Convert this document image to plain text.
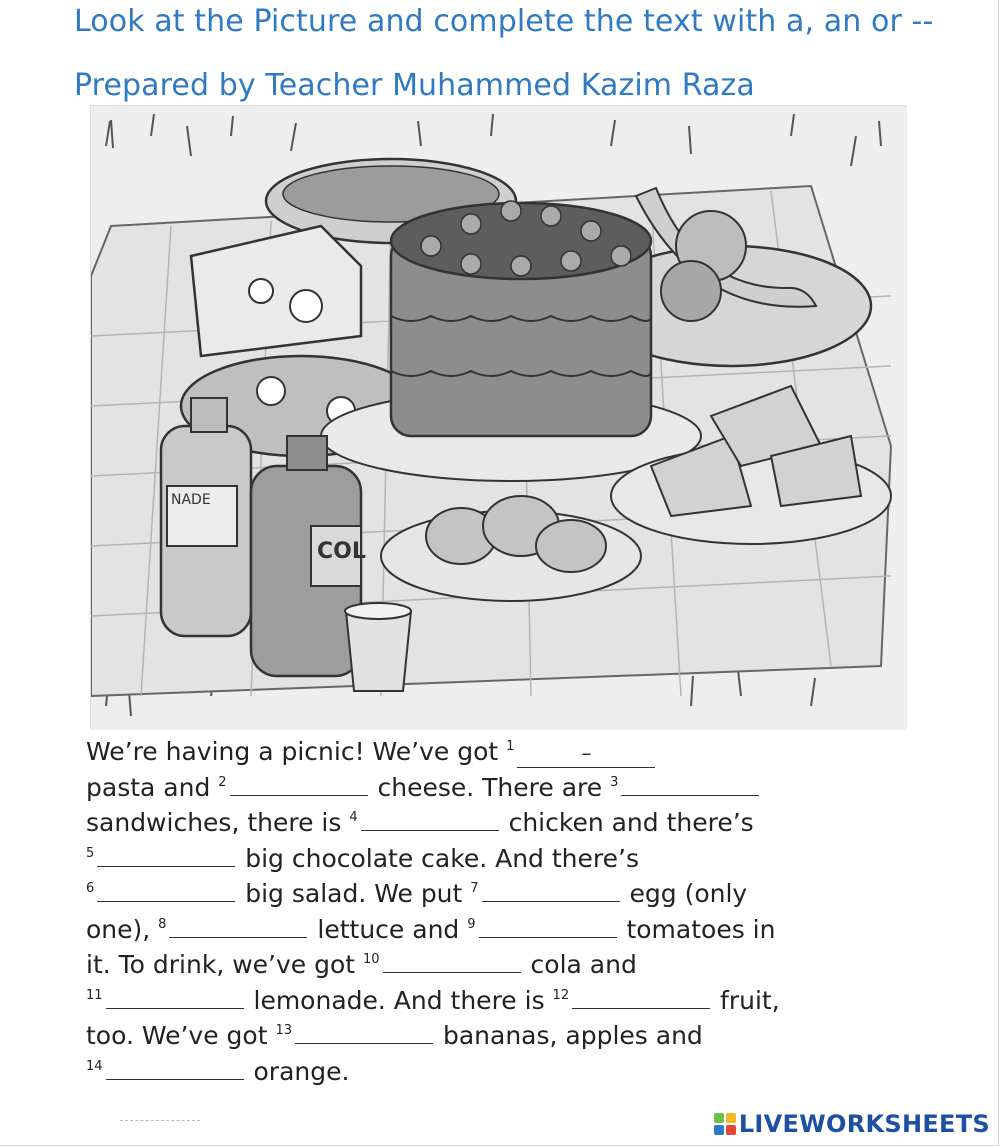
Look at the Picture and complete the text with a, an or --
Prepared by Teacher Muhammed Kazim Raza
NADE
COL
We’re having a picnic! We’ve got $^1$	–
pasta and $^2$	cheese. There are $^3$
sandwiches, there is $^4$	chicken and there’s
$^5$	big chocolate cake. And there’s
$^6$	big salad. We put $^7$	egg (only
one), $^8$	lettuce and $^9$	tomatoes in
it. To drink, we’ve got $^{10}$	cola and
$^{11}$	lemonade. And there is $^{12}$	fruit,
too. We’ve got $^{13}$	bananas, apples and
$^{14}$	orange.
LIVEWORKSHEETS
